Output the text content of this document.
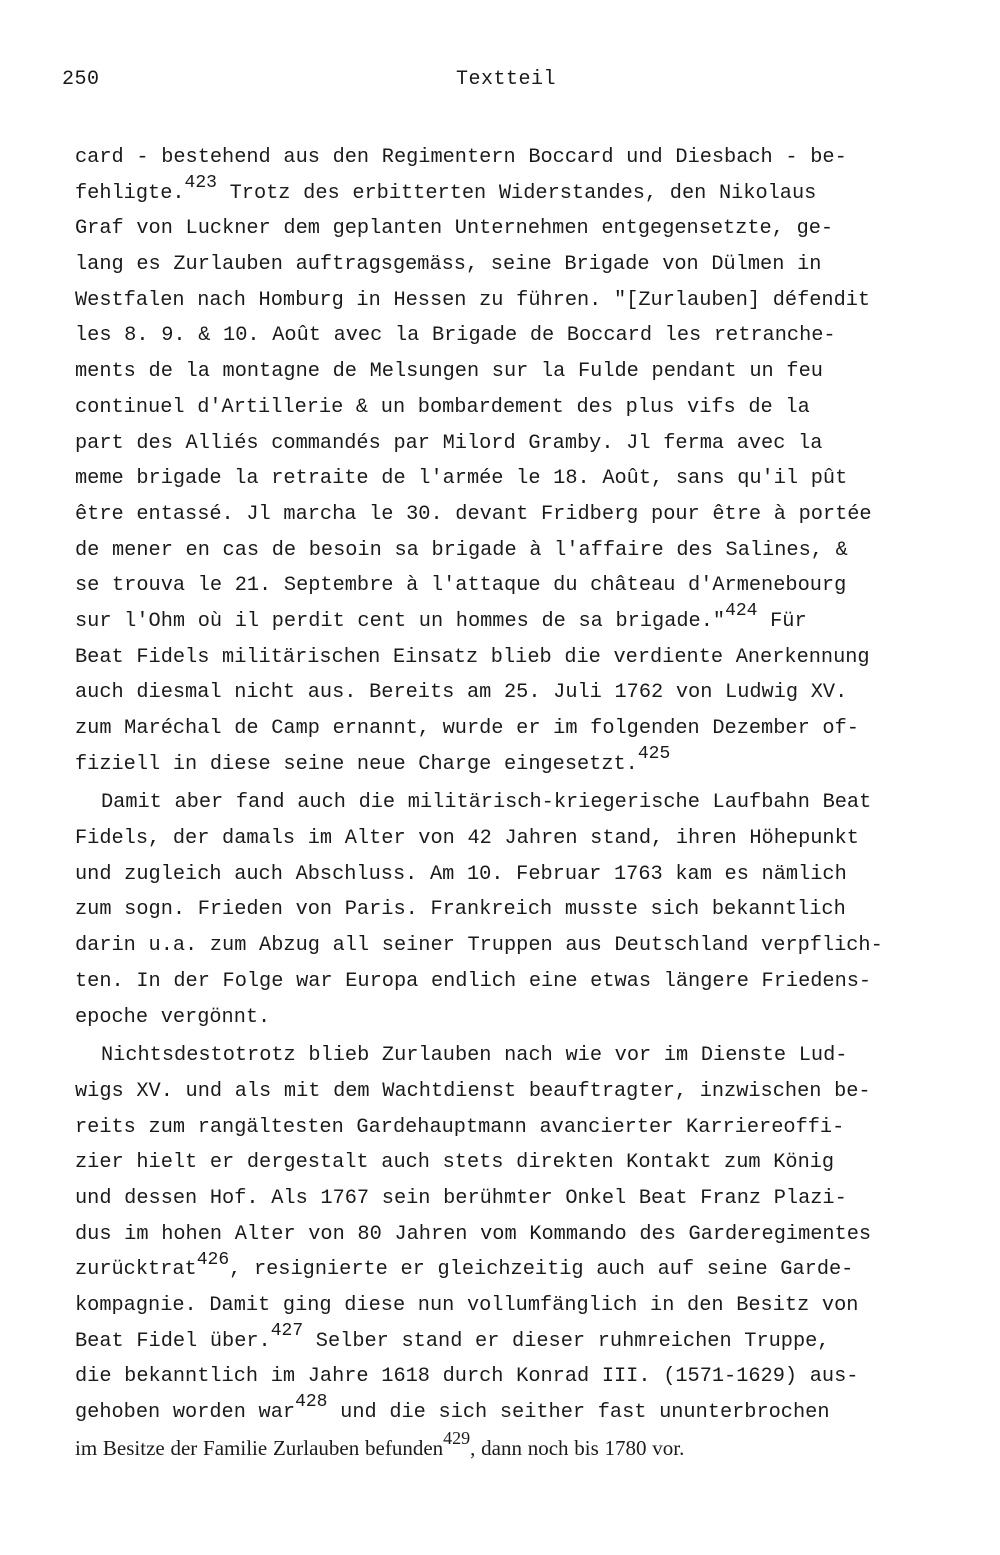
250	Textteil
card - bestehend aus den Regimentern Boccard und Diesbach - be-
fehligte.$^{423}$ Trotz des erbitterten Widerstandes, den Nikolaus
Graf von Luckner dem geplanten Unternehmen entgegensetzte, ge-
lang es Zurlauben auftragsgemäss, seine Brigade von Dülmen in
Westfalen nach Homburg in Hessen zu führen. "[Zurlauben] défendit
les 8. 9. & 10. Août avec la Brigade de Boccard les retranche-
ments de la montagne de Melsungen sur la Fulde pendant un feu
continuel d'Artillerie & un bombardement des plus vifs de la
part des Alliés commandés par Milord Gramby. Jl ferma avec la
meme brigade la retraite de l'armée le 18. Août, sans qu'il pût
être entassé. Jl marcha le 30. devant Fridberg pour être à portée
de mener en cas de besoin sa brigade à l'affaire des Salines, &
se trouva le 21. Septembre à l'attaque du château d'Armenebourg
sur l'Ohm où il perdit cent un hommes de sa brigade."$^{424}$ Für
Beat Fidels militärischen Einsatz blieb die verdiente Anerkennung
auch diesmal nicht aus. Bereits am 25. Juli 1762 von Ludwig XV.
zum Maréchal de Camp ernannt, wurde er im folgenden Dezember of-
fiziell in diese seine neue Charge eingesetzt.$^{425}$
Damit aber fand auch die militärisch-kriegerische Laufbahn Beat
Fidels, der damals im Alter von 42 Jahren stand, ihren Höhepunkt
und zugleich auch Abschluss. Am 10. Februar 1763 kam es nämlich
zum sogn. Frieden von Paris. Frankreich musste sich bekanntlich
darin u.a. zum Abzug all seiner Truppen aus Deutschland verpflich-
ten. In der Folge war Europa endlich eine etwas längere Friedens-
epoche vergönnt.
Nichtsdestotrotz blieb Zurlauben nach wie vor im Dienste Lud-
wigs XV. und als mit dem Wachtdienst beauftragter, inzwischen be-
reits zum rangältesten Gardehauptmann avancierter Karriereoffi-
zier hielt er dergestalt auch stets direkten Kontakt zum König
und dessen Hof. Als 1767 sein berühmter Onkel Beat Franz Plazi-
dus im hohen Alter von 80 Jahren vom Kommando des Garderegimentes
zurücktrat$^{426}$, resignierte er gleichzeitig auch auf seine Garde-
kompagnie. Damit ging diese nun vollumfänglich in den Besitz von
Beat Fidel über.$^{427}$ Selber stand er dieser ruhmreichen Truppe,
die bekanntlich im Jahre 1618 durch Konrad III. (1571-1629) aus-
gehoben worden war$^{428}$ und die sich seither fast ununterbrochen
im Besitze der Familie Zurlauben befunden$^{429}$, dann noch bis 1780 vor.
